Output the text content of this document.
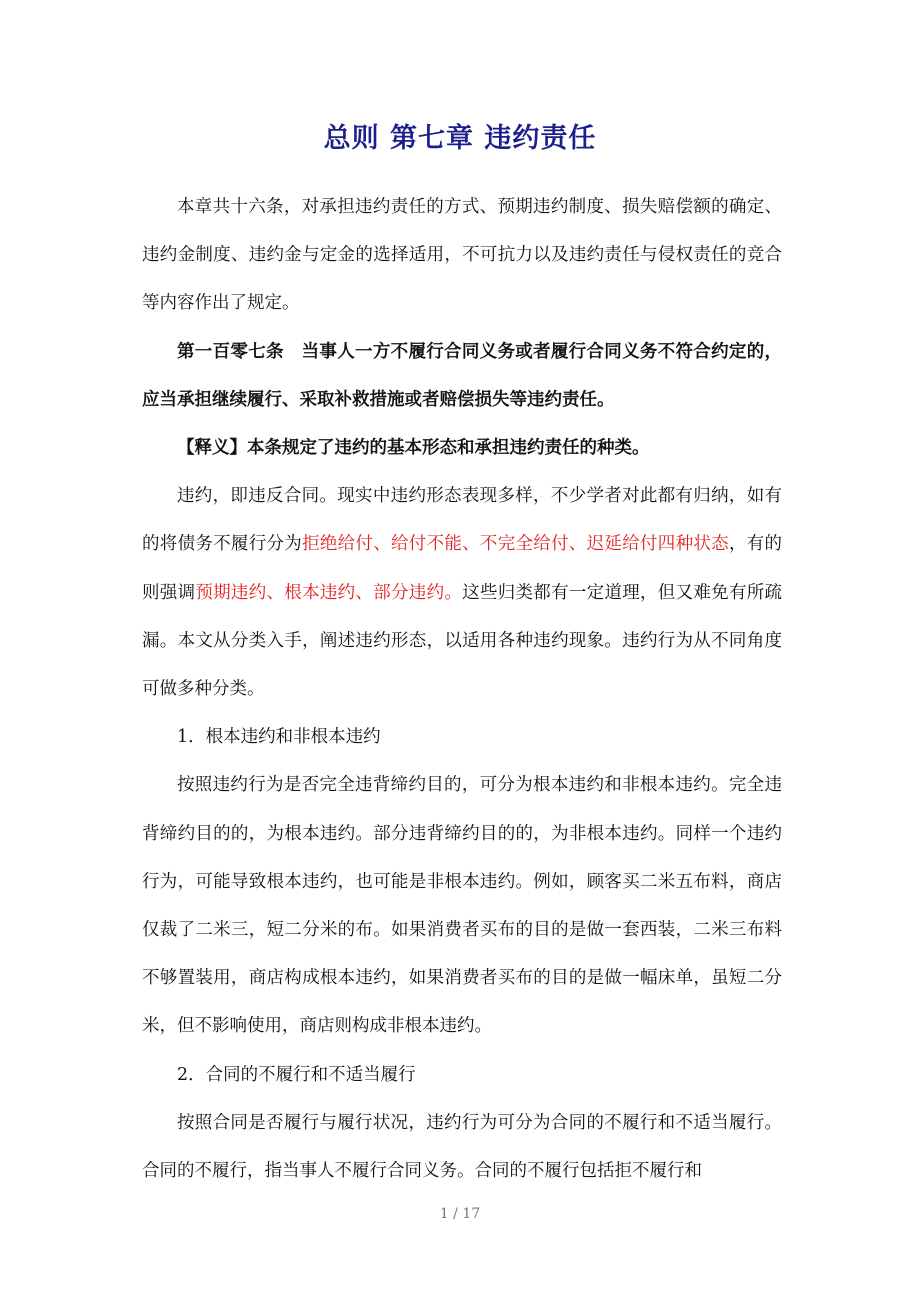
总则 第七章 违约责任

本章共十六条，对承担违约责任的方式、预期违约制度、损失赔偿额的确定、违约金制度、违约金与定金的选择适用，不可抗力以及违约责任与侵权责任的竞合等内容作出了规定。

第一百零七条　当事人一方不履行合同义务或者履行合同义务不符合约定的，应当承担继续履行、采取补救措施或者赔偿损失等违约责任。

【释义】本条规定了违约的基本形态和承担违约责任的种类。

违约，即违反合同。现实中违约形态表现多样，不少学者对此都有归纳，如有的将债务不履行分为拒绝给付、给付不能、不完全给付、迟延给付四种状态，有的则强调预期违约、根本违约、部分违约。这些归类都有一定道理，但又难免有所疏漏。本文从分类入手，阐述违约形态，以适用各种违约现象。违约行为从不同角度可做多种分类。

1．根本违约和非根本违约

按照违约行为是否完全违背缔约目的，可分为根本违约和非根本违约。完全违背缔约目的的，为根本违约。部分违背缔约目的的，为非根本违约。同样一个违约行为，可能导致根本违约，也可能是非根本违约。例如，顾客买二米五布料，商店仅裁了二米三，短二分米的布。如果消费者买布的目的是做一套西装，二米三布料不够置装用，商店构成根本违约，如果消费者买布的目的是做一幅床单，虽短二分米，但不影响使用，商店则构成非根本违约。

2．合同的不履行和不适当履行

按照合同是否履行与履行状况，违约行为可分为合同的不履行和不适当履行。合同的不履行，指当事人不履行合同义务。合同的不履行包括拒不履行和

1 / 17
